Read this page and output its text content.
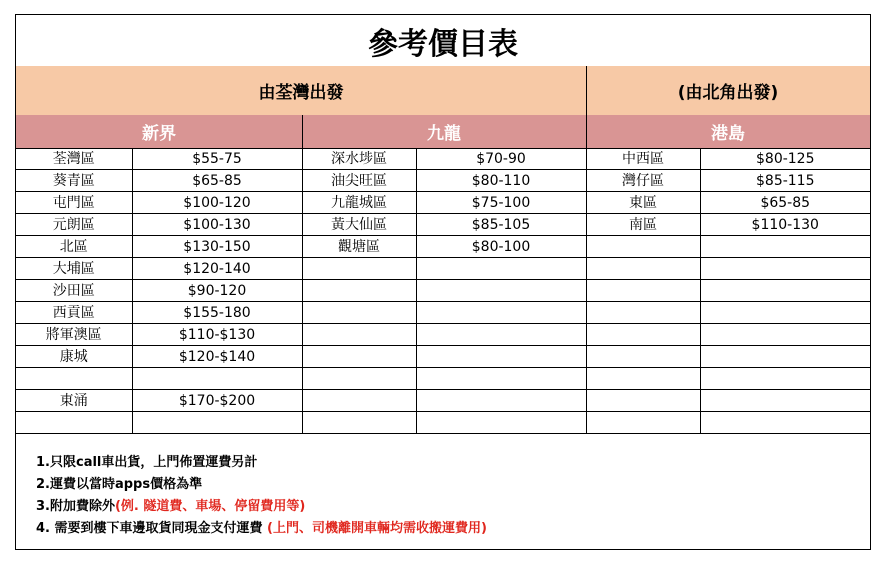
參考價目表
由荃灣出發	(由北角出發)
新界	九龍	港島
荃灣區	$55-75	深水埗區	$70-90	中西區	$80-125
葵青區	$65-85	油尖旺區	$80-110	灣仔區	$85-115
屯門區	$100-120	九龍城區	$75-100	東區	$65-85
元朗區	$100-130	黃大仙區	$85-105	南區	$110-130
北區	$130-150	觀塘區	$80-100		
大埔區	$120-140				
沙田區	$90-120				
西貢區	$155-180				
將軍澳區	$110-$130				
康城	$120-$140				

東涌	$170-$200				

1.只限call車出貨，上門佈置運費另計
2.運費以當時apps價格為準
3.附加費除外(例. 隧道費、車場、停留費用等)
4. 需要到樓下車邊取貨同現金支付運費 (上門、司機離開車輛均需收搬運費用)
